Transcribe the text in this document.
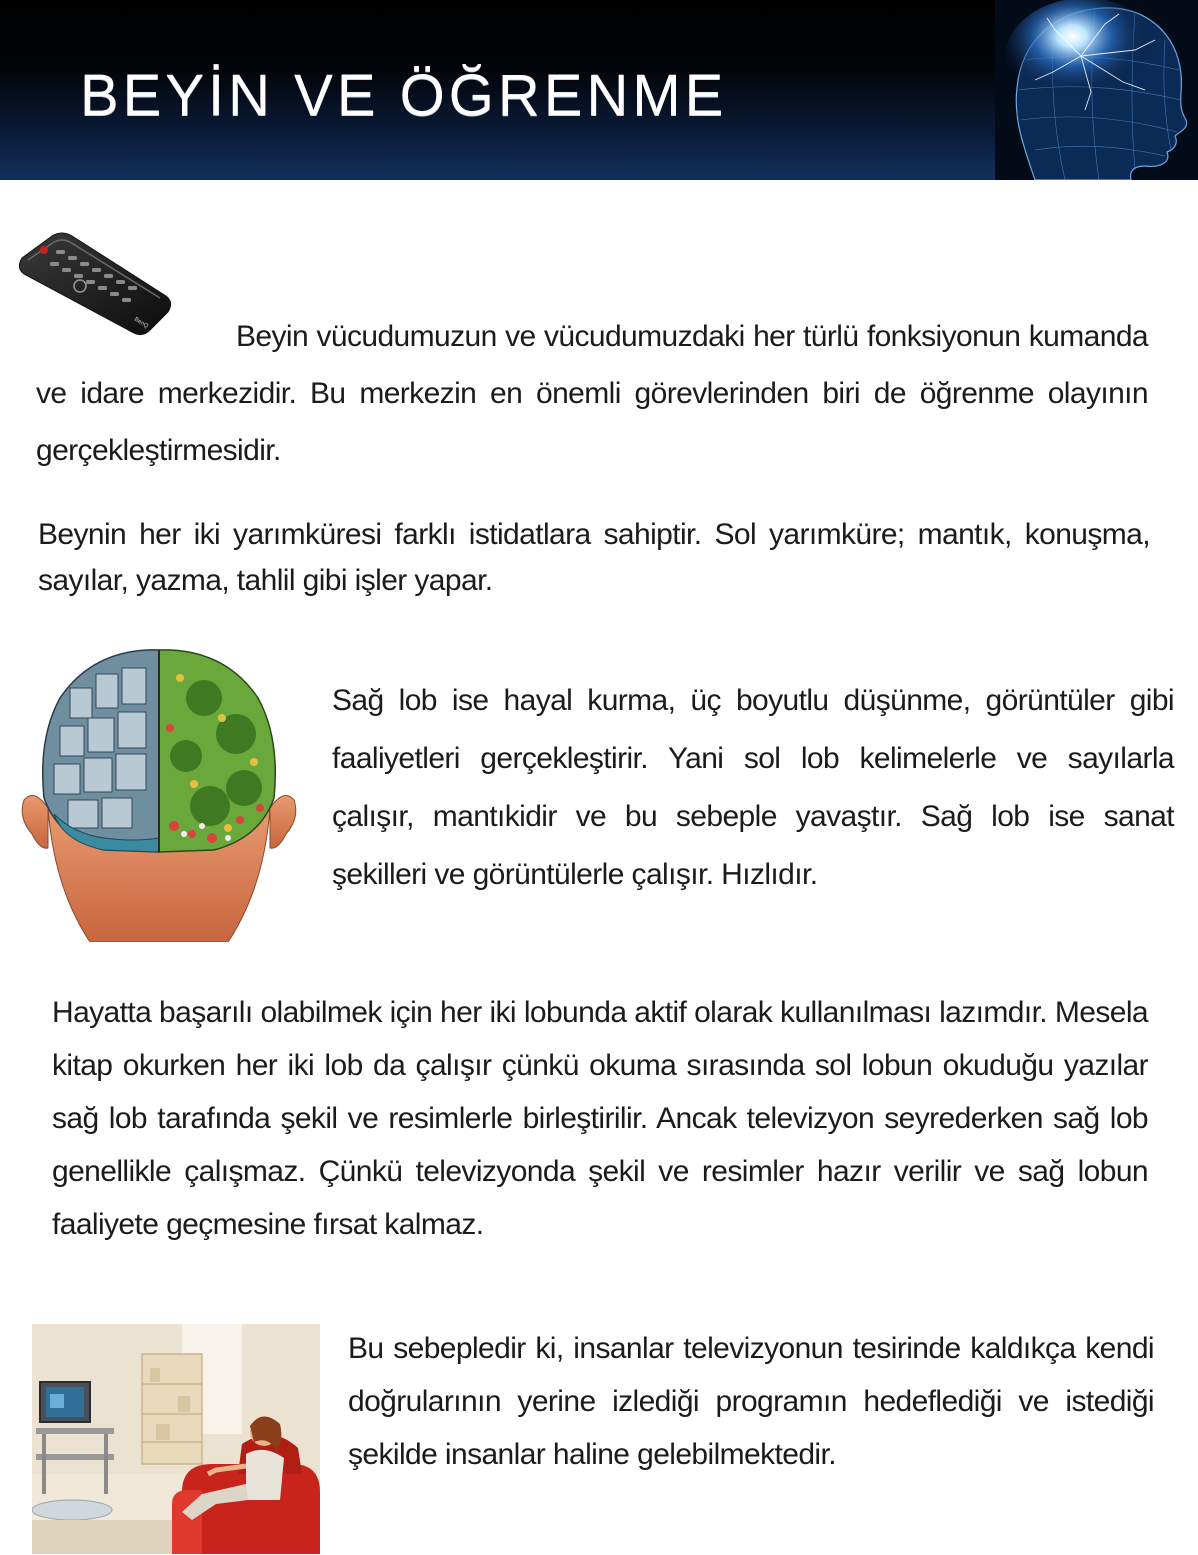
BEYİN VE ÖĞRENME
BenQ	Beyin vücudumuzun ve vücudumuzdaki her türlü fonksiyonun kumanda ve idare merkezidir. Bu merkezin en önemli görevlerinden biri de öğrenme olayının gerçekleştirmesidir.
Beynin her iki yarımküresi farklı istidatlara sahiptir. Sol yarımküre; mantık, konuşma, sayılar, yazma, tahlil gibi işler yapar.
Sağ lob ise hayal kurma, üç boyutlu düşünme, görüntüler gibi faaliyetleri gerçekleştirir. Yani sol lob kelimelerle ve sayılarla çalışır, mantıkidir ve bu sebeple yavaştır. Sağ lob ise sanat şekilleri ve görüntülerle çalışır. Hızlıdır.
Hayatta başarılı olabilmek için her iki lobunda aktif olarak kullanılması lazımdır. Mesela kitap okurken her iki lob da çalışır çünkü okuma sırasında sol lobun okuduğu yazılar sağ lob tarafında şekil ve resimlerle birleştirilir. Ancak televizyon seyrederken sağ lob genellikle çalışmaz. Çünkü televizyonda şekil ve resimler hazır verilir ve sağ lobun faaliyete geçmesine fırsat kalmaz.
Bu sebepledir ki, insanlar televizyonun tesirinde kaldıkça kendi doğrularının yerine izlediği programın hedeflediği ve istediği şekilde insanlar haline gelebilmektedir.
